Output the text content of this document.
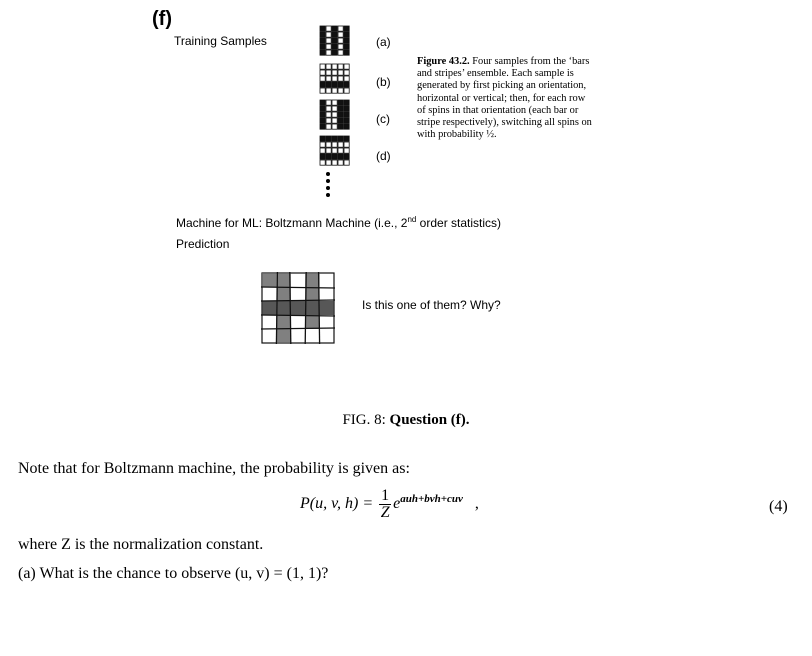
(f)
Training Samples	(a)
(b)
(c)
(d)
Figure 43.2. Four samples from the ‘bars and stripes’ ensemble. Each sample is generated by first picking an orientation, horizontal or vertical; then, for each row of spins in that orientation (each bar or stripe respectively), switching all spins on with probability ½.
Machine for ML: Boltzmann Machine (i.e., 2nd order statistics)
Prediction
Is this one of them? Why?
FIG. 8: Question (f).
Note that for Boltzmann machine, the probability is given as:
P(u, v, $h) = \frac{1}{Z} e^{auh+bvh+cuv}$ ,	(4)
where Z is the normalization constant.
(a) What is the chance to observe (u, v) = (1, 1)?
